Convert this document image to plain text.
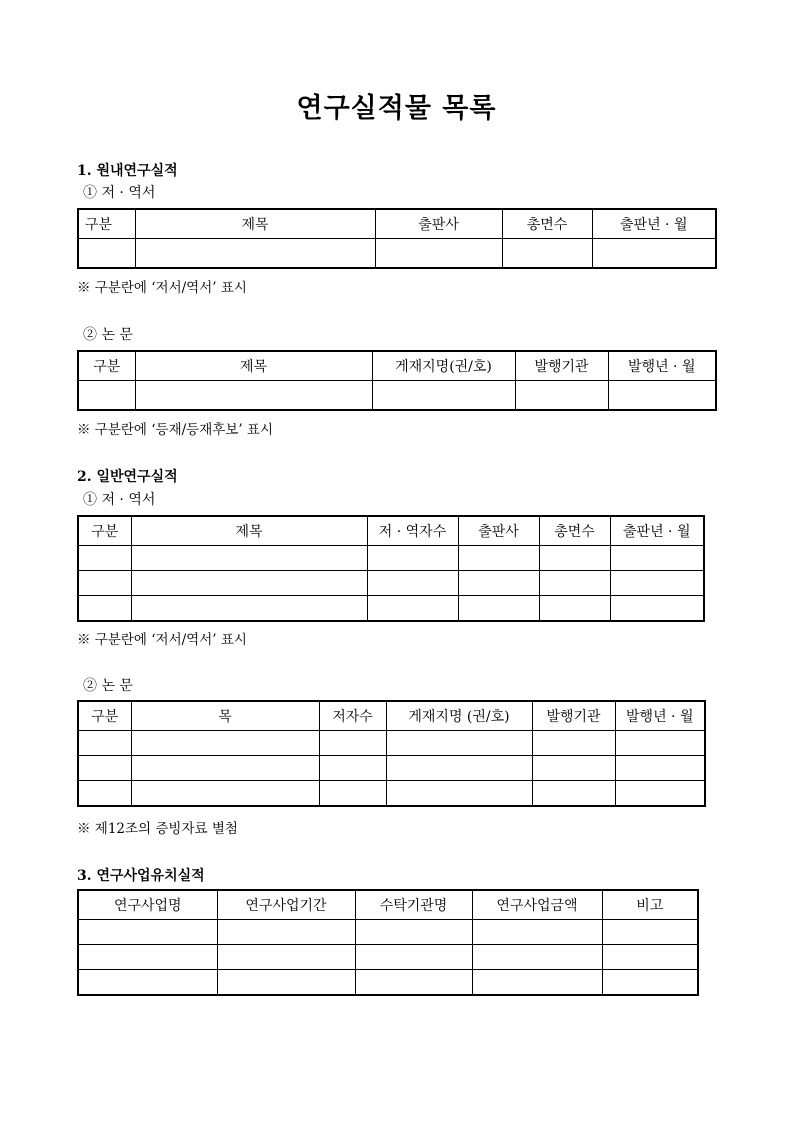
연구실적물 목록
1. 원내연구실적
① 저 · 역서
구분	제목	출판사	총면수	출판년 · 월

※ 구분란에 ‘저서/역서’ 표시
② 논 문
구분	제목	게재지명(권/호)	발행기관	발행년 · 월

※ 구분란에 ‘등재/등재후보’ 표시
2. 일반연구실적
① 저 · 역서
구분	제목	저 · 역자수	출판사	총면수	출판년 · 월

※ 구분란에 ‘저서/역서’ 표시
② 논 문
구분	목	저자수	게재지명 (권/호)	발행기관	발행년 · 월

※ 제12조의 증빙자료 별첨
3. 연구사업유치실적
연구사업명	연구사업기간	수탁기관명	연구사업금액	비고
